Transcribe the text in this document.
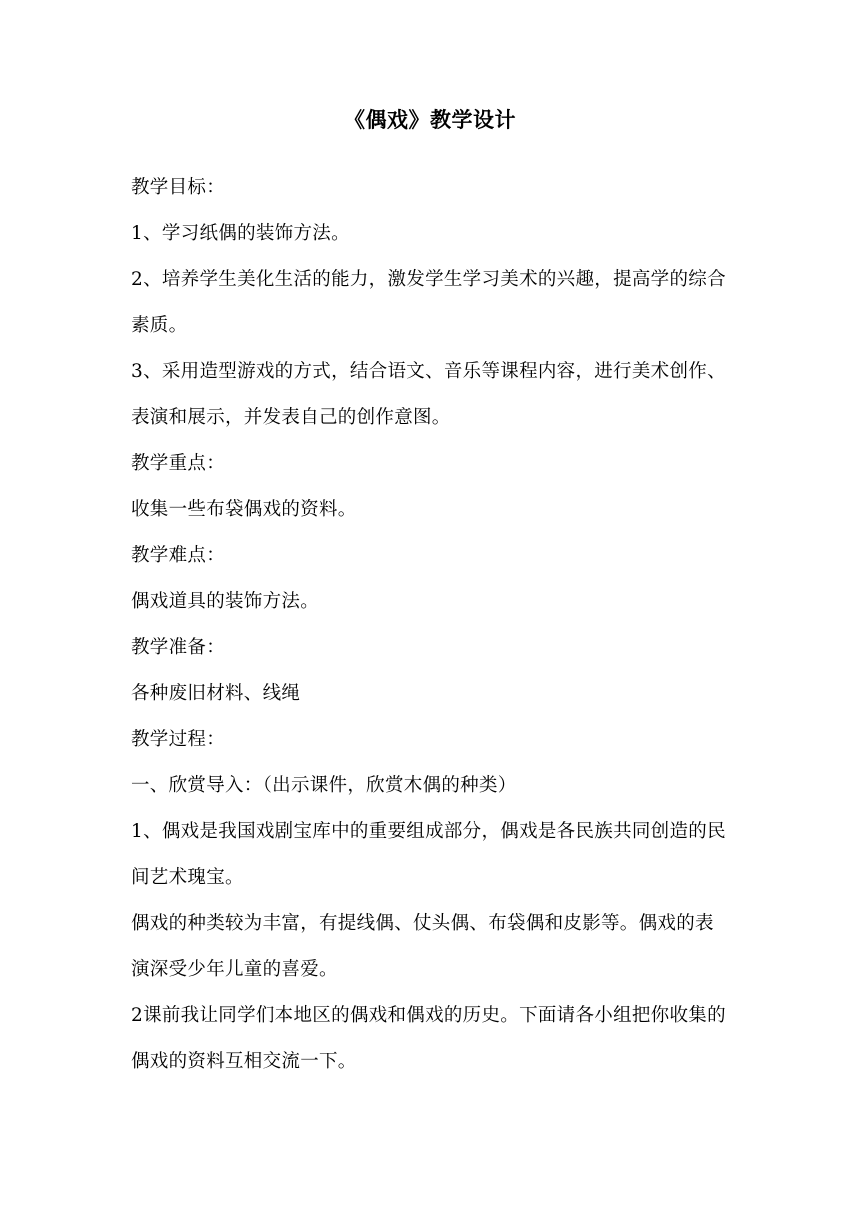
《偶戏》教学设计

教学目标：

1、学习纸偶的装饰方法。

2、培养学生美化生活的能力，激发学生学习美术的兴趣，提高学的综合素质。

3、采用造型游戏的方式，结合语文、音乐等课程内容，进行美术创作、表演和展示，并发表自己的创作意图。

教学重点：

收集一些布袋偶戏的资料。

教学难点：

偶戏道具的装饰方法。

教学准备：

各种废旧材料、线绳

教学过程：

一、欣赏导入：（出示课件，欣赏木偶的种类）

1、偶戏是我国戏剧宝库中的重要组成部分，偶戏是各民族共同创造的民间艺术瑰宝。

偶戏的种类较为丰富，有提线偶、仗头偶、布袋偶和皮影等。偶戏的表演深受少年儿童的喜爱。

2课前我让同学们本地区的偶戏和偶戏的历史。下面请各小组把你收集的偶戏的资料互相交流一下。
